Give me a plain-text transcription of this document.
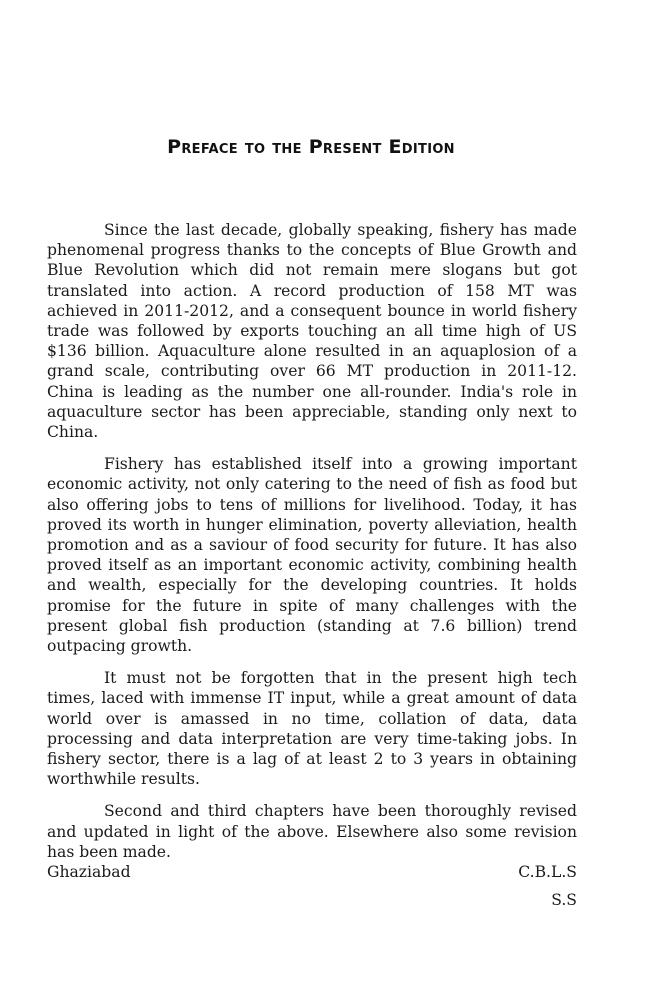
Preface to the Present Edition

Since the last decade, globally speaking, fishery has made phenomenal progress thanks to the concepts of Blue Growth and Blue Revolution which did not remain mere slogans but got translated into action. A record production of 158 MT was achieved in 2011-2012, and a consequent bounce in world fishery trade was followed by exports touching an all time high of US $136 billion. Aquaculture alone resulted in an aquaplosion of a grand scale, contributing over 66 MT production in 2011-12. China is leading as the number one all-rounder. India's role in aquaculture sector has been appreciable, standing only next to China.

Fishery has established itself into a growing important economic activity, not only catering to the need of fish as food but also offering jobs to tens of millions for livelihood. Today, it has proved its worth in hunger elimination, poverty alleviation, health promotion and as a saviour of food security for future. It has also proved itself as an important economic activity, combining health and wealth, especially for the developing countries. It holds promise for the future in spite of many challenges with the present global fish production (standing at 7.6 billion) trend outpacing growth.

It must not be forgotten that in the present high tech times, laced with immense IT input, while a great amount of data world over is amassed in no time, collation of data, data processing and data interpretation are very time-taking jobs. In fishery sector, there is a lag of at least 2 to 3 years in obtaining worthwhile results.

Second and third chapters have been thoroughly revised and updated in light of the above. Elsewhere also some revision has been made.

Ghaziabad	C.B.L.S
S.S
